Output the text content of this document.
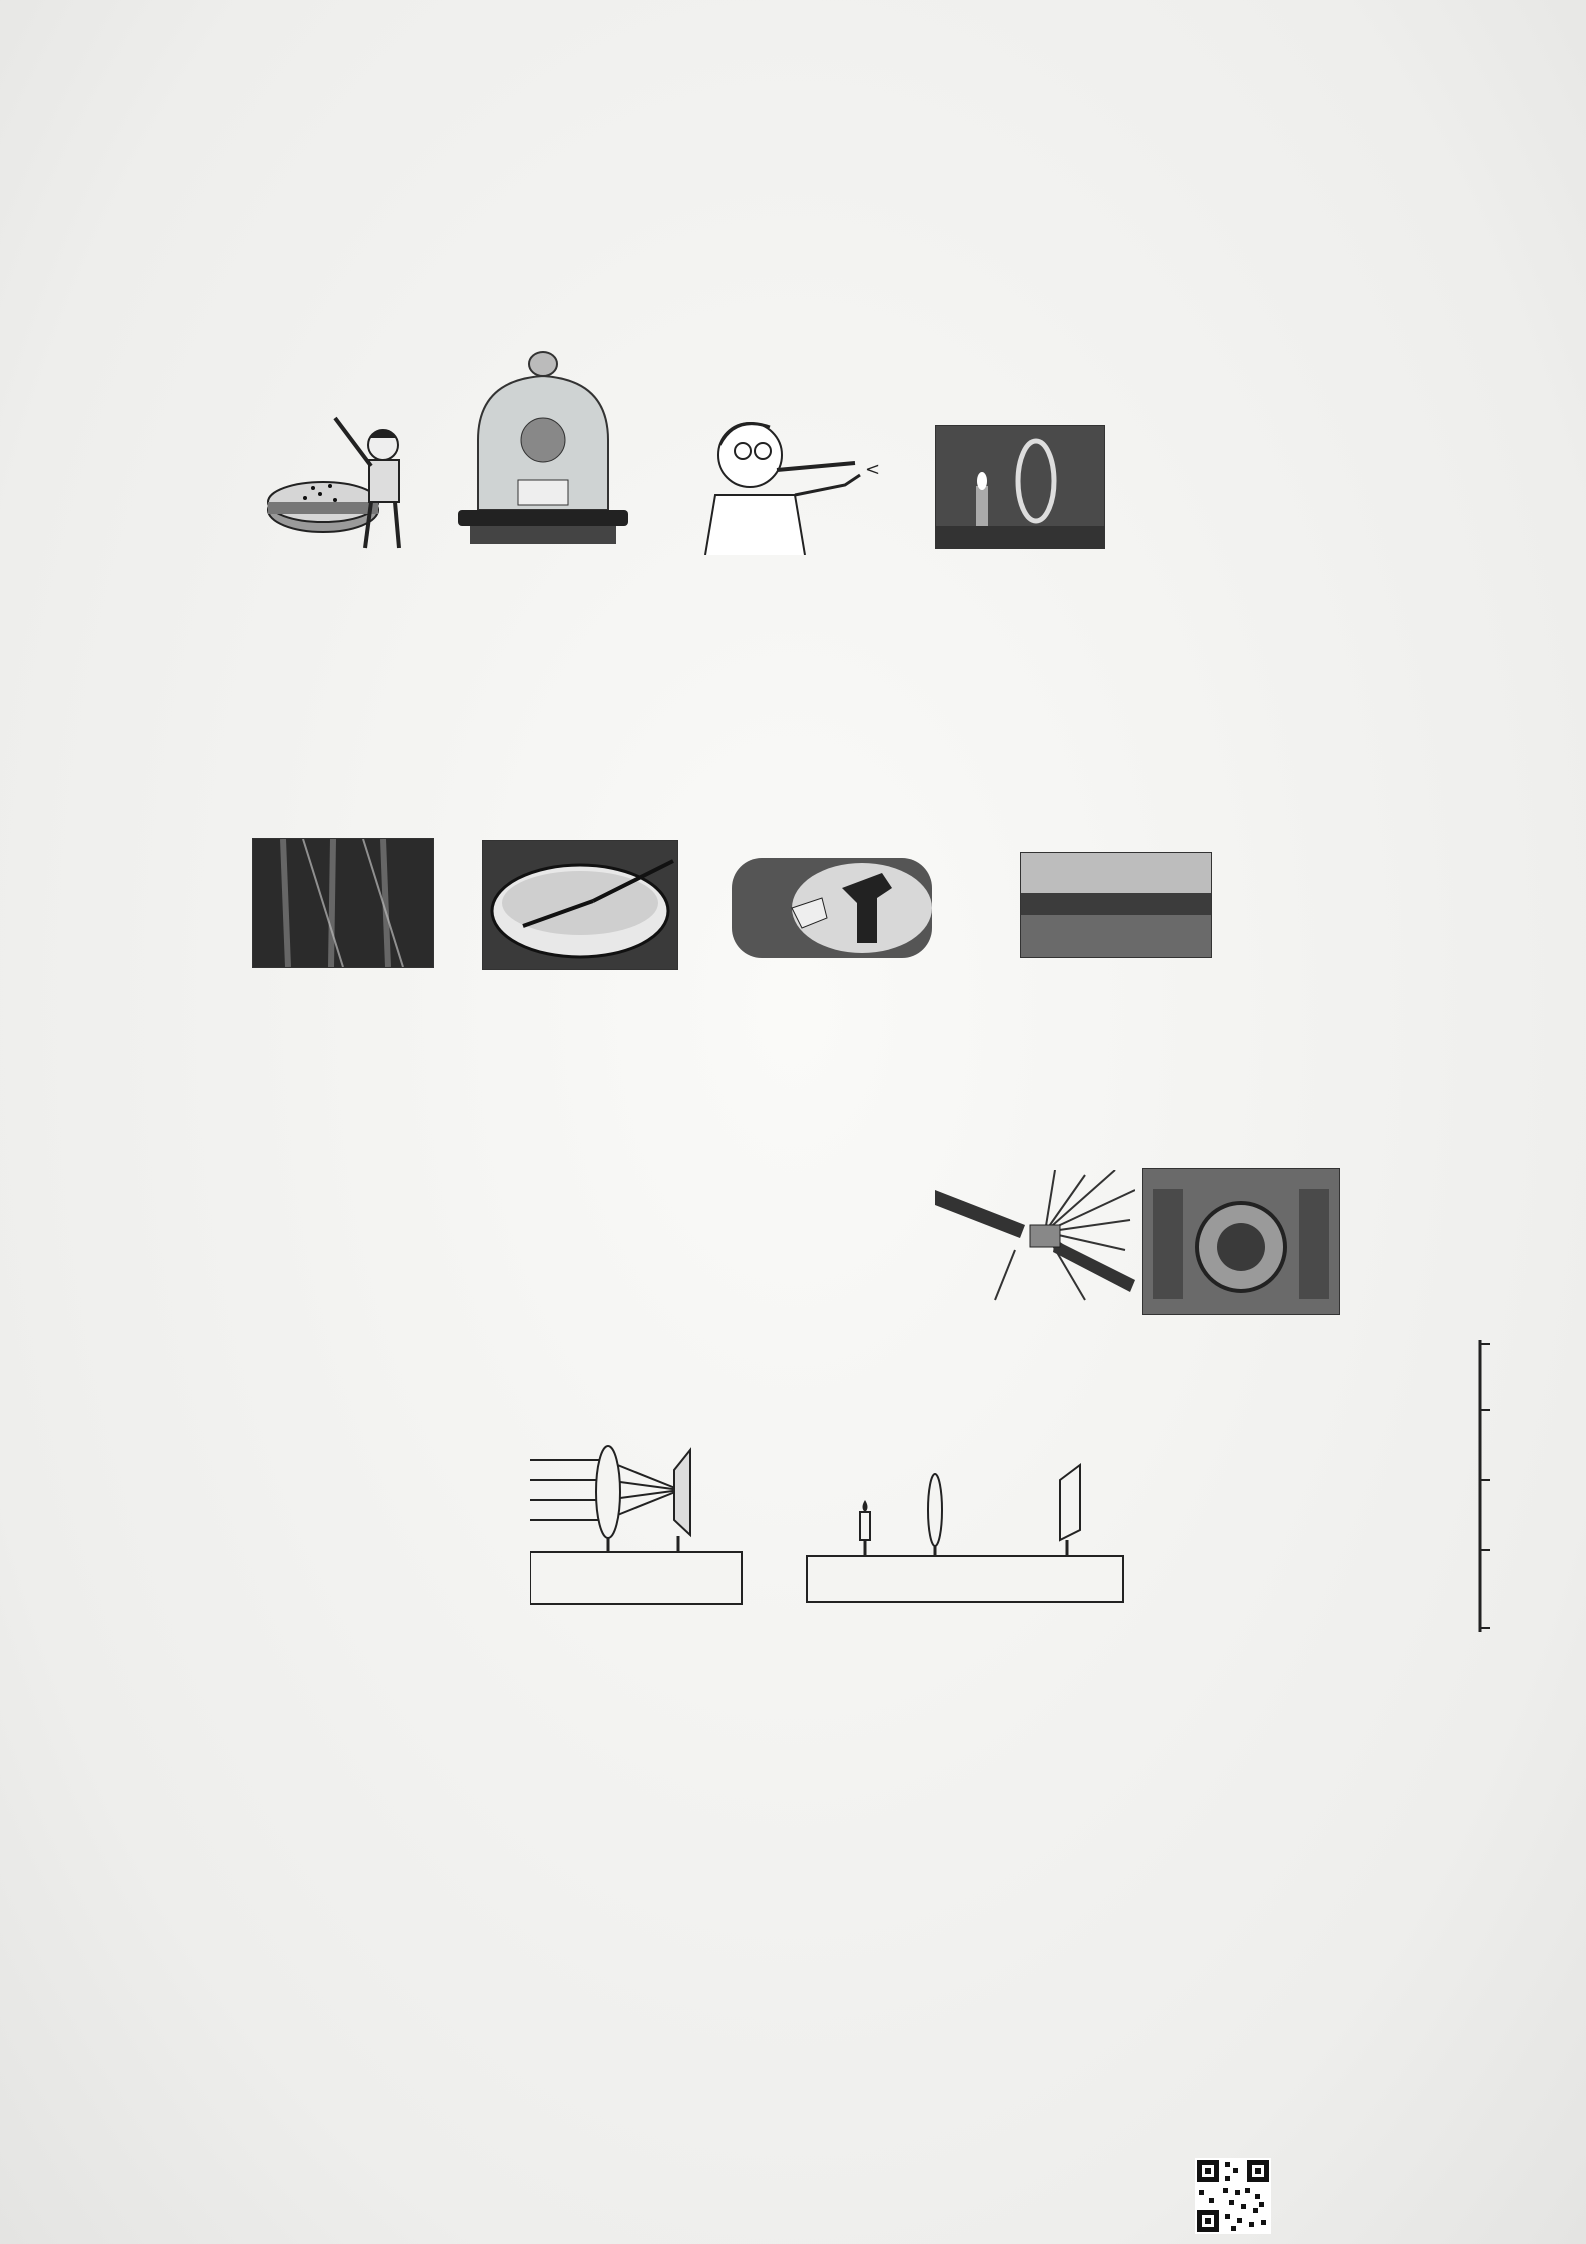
<
